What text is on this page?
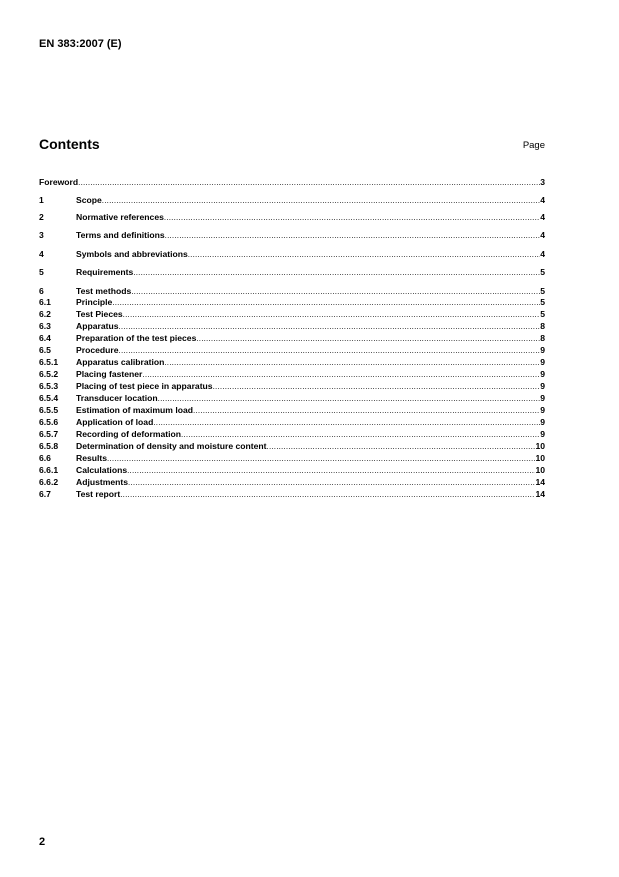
EN 383:2007 (E)
Contents	Page
Foreword .....	3
1	Scope .....	4
2	Normative references .....	4
3	Terms and definitions .....	4
4	Symbols and abbreviations .....	4
5	Requirements .....	5
6	Test methods .....	5
6.1	Principle .....	5
6.2	Test Pieces .....	5
6.3	Apparatus .....	8
6.4	Preparation of the test pieces .....	8
6.5	Procedure .....	9
6.5.1	Apparatus calibration .....	9
6.5.2	Placing fastener .....	9
6.5.3	Placing of test piece in apparatus .....	9
6.5.4	Transducer location .....	9
6.5.5	Estimation of maximum load .....	9
6.5.6	Application of load .....	9
6.5.7	Recording of deformation .....	9
6.5.8	Determination of density and moisture content .....	10
6.6	Results .....	10
6.6.1	Calculations .....	10
6.6.2	Adjustments .....	14
6.7	Test report .....	14
2
